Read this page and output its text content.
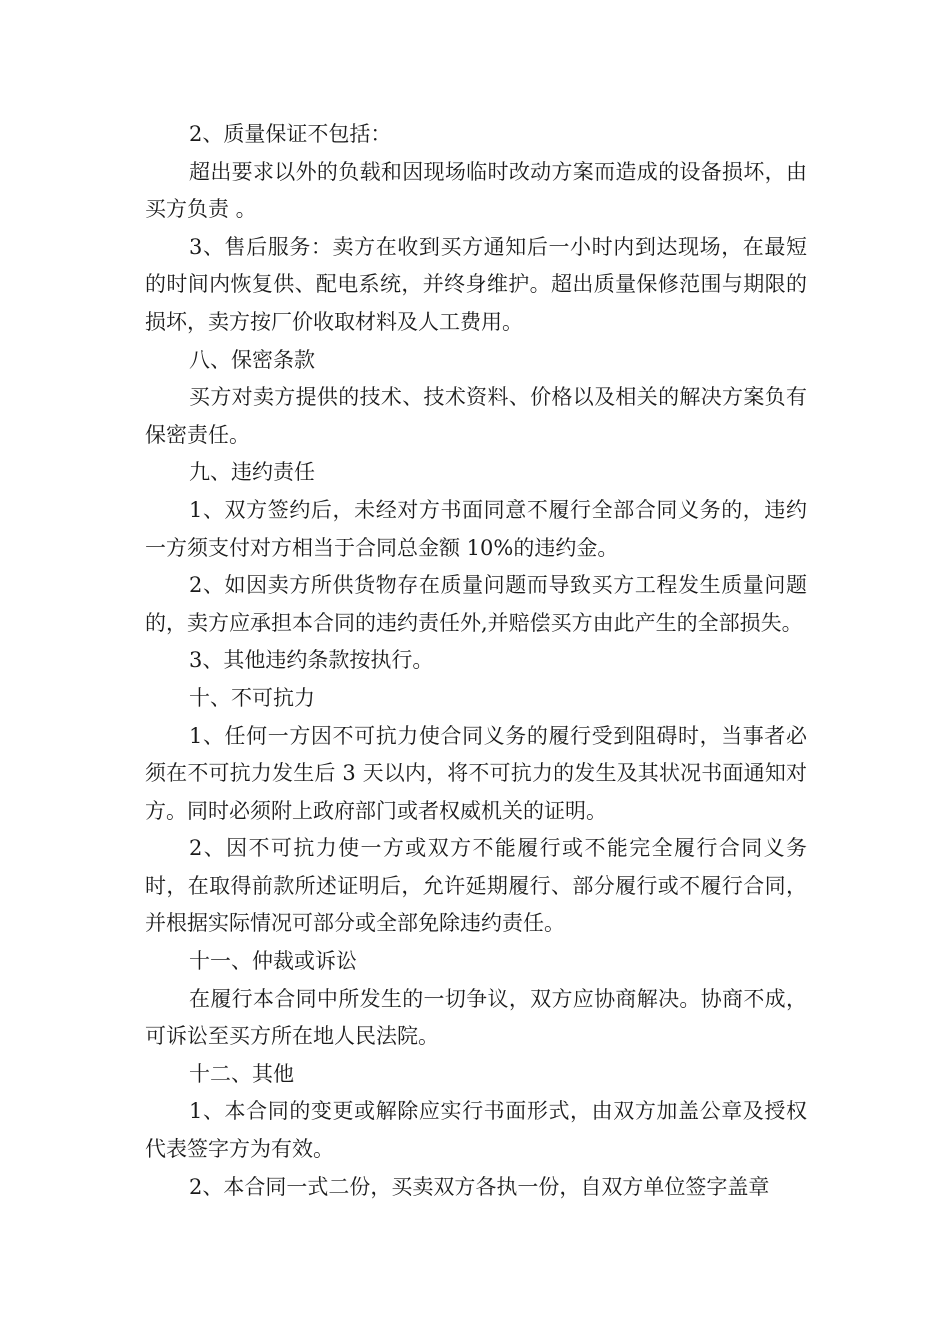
2、质量保证不包括：

超出要求以外的负载和因现场临时改动方案而造成的设备损坏，由买方负责 。

3、售后服务：卖方在收到买方通知后一小时内到达现场，在最短的时间内恢复供、配电系统，并终身维护。超出质量保修范围与期限的损坏，卖方按厂价收取材料及人工费用。

八、保密条款

买方对卖方提供的技术、技术资料、价格以及相关的解决方案负有保密责任。

九、违约责任

1、双方签约后，未经对方书面同意不履行全部合同义务的，违约一方须支付对方相当于合同总金额 10%的违约金。

2、如因卖方所供货物存在质量问题而导致买方工程发生质量问题的，卖方应承担本合同的违约责任外,并赔偿买方由此产生的全部损失。

3、其他违约条款按执行。

十、不可抗力

1、任何一方因不可抗力使合同义务的履行受到阻碍时，当事者必须在不可抗力发生后 3 天以内，将不可抗力的发生及其状况书面通知对方。同时必须附上政府部门或者权威机关的证明。

2、因不可抗力使一方或双方不能履行或不能完全履行合同义务时，在取得前款所述证明后，允许延期履行、部分履行或不履行合同，并根据实际情况可部分或全部免除违约责任。

十一、仲裁或诉讼

在履行本合同中所发生的一切争议，双方应协商解决。协商不成，可诉讼至买方所在地人民法院。

十二、其他

1、本合同的变更或解除应实行书面形式，由双方加盖公章及授权代表签字方为有效。

2、本合同一式二份，买卖双方各执一份，自双方单位签字盖章
